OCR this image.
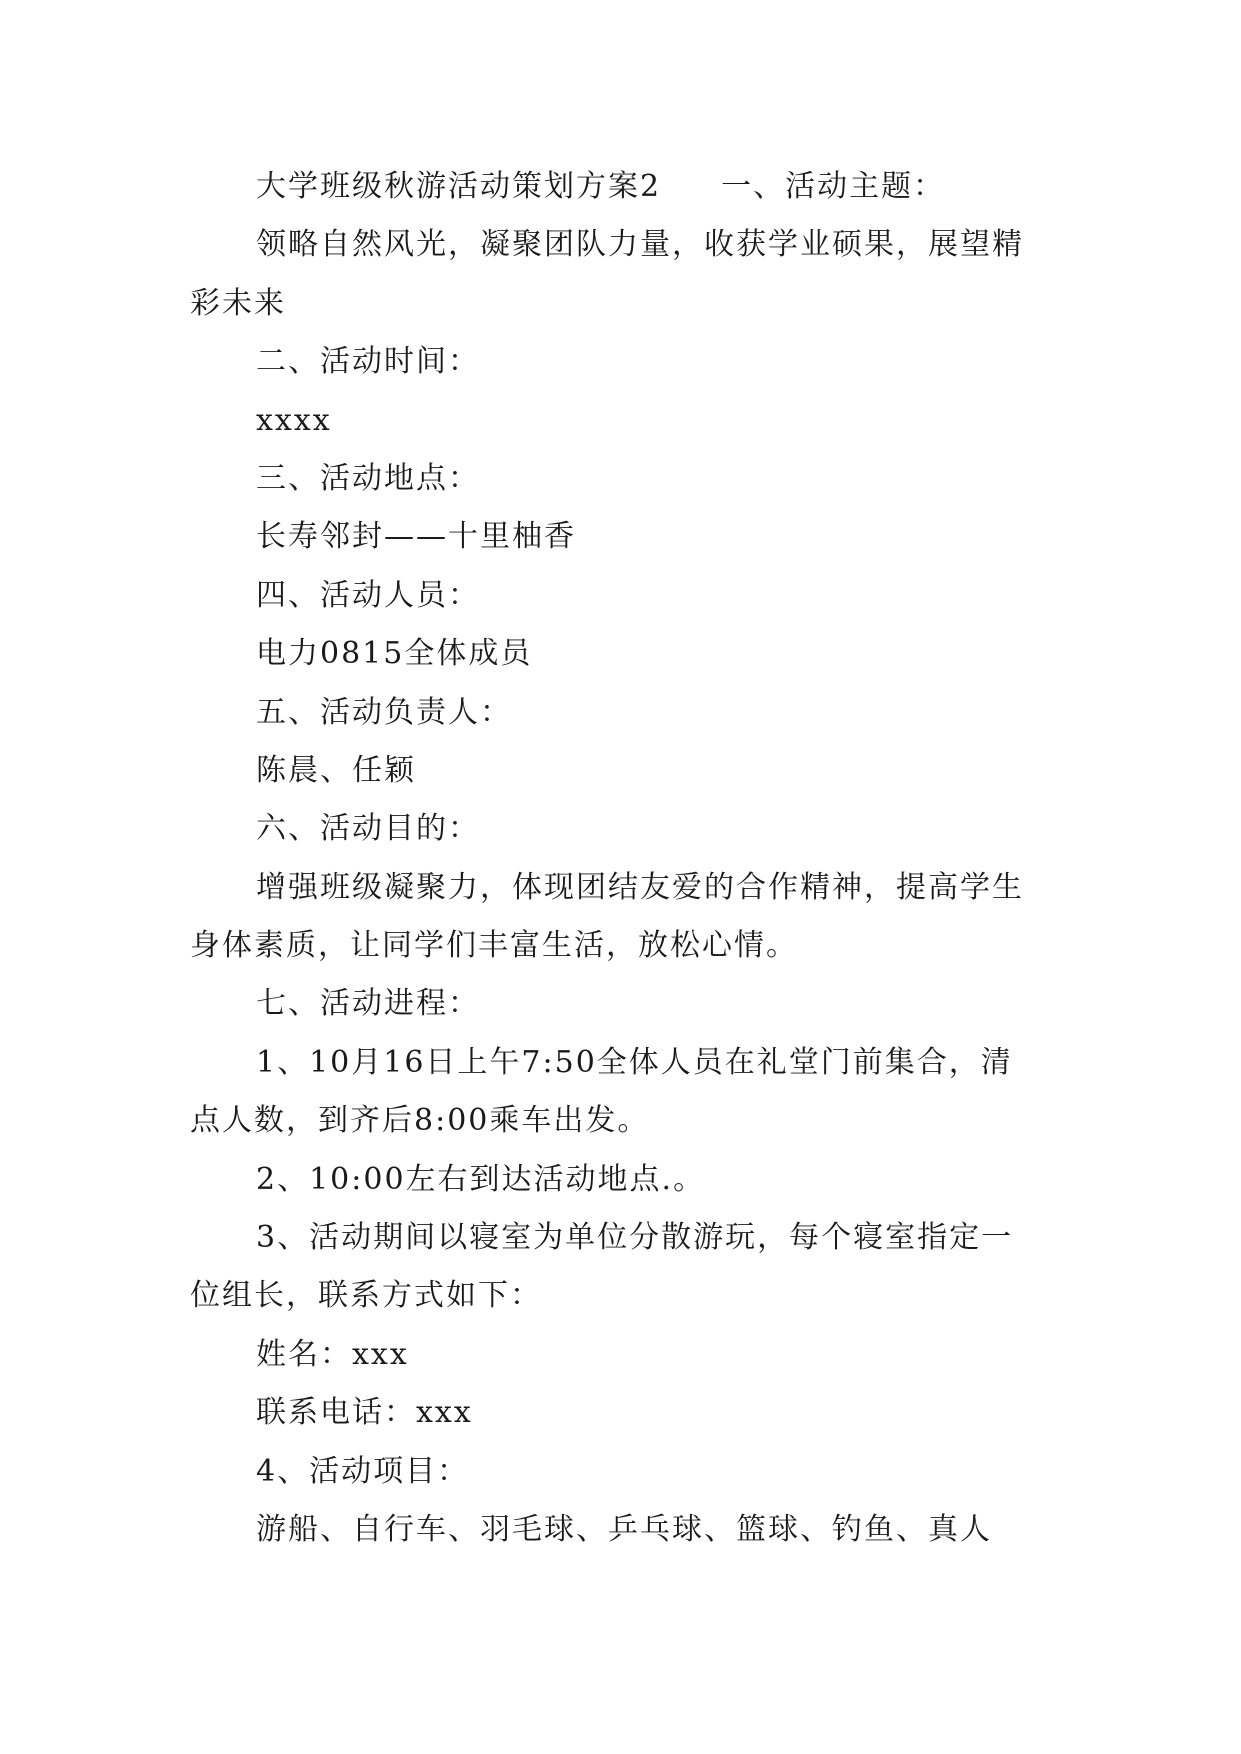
大学班级秋游活动策划方案2 一、活动主题：
领略自然风光，凝聚团队力量，收获学业硕果，展望精
彩未来
二、活动时间：
xxxx
三、活动地点：
长寿邻封——十里柚香
四、活动人员：
电力0815全体成员
五、活动负责人：
陈晨、任颖
六、活动目的：
增强班级凝聚力，体现团结友爱的合作精神，提高学生
身体素质，让同学们丰富生活，放松心情。
七、活动进程：
1、10月16日上午7:50全体人员在礼堂门前集合，清
点人数，到齐后8:00乘车出发。
2、10:00左右到达活动地点.。
3、活动期间以寝室为单位分散游玩，每个寝室指定一
位组长，联系方式如下：
姓名：xxx
联系电话：xxx
4、活动项目：
游船、自行车、羽毛球、乒乓球、篮球、钓鱼、真人
